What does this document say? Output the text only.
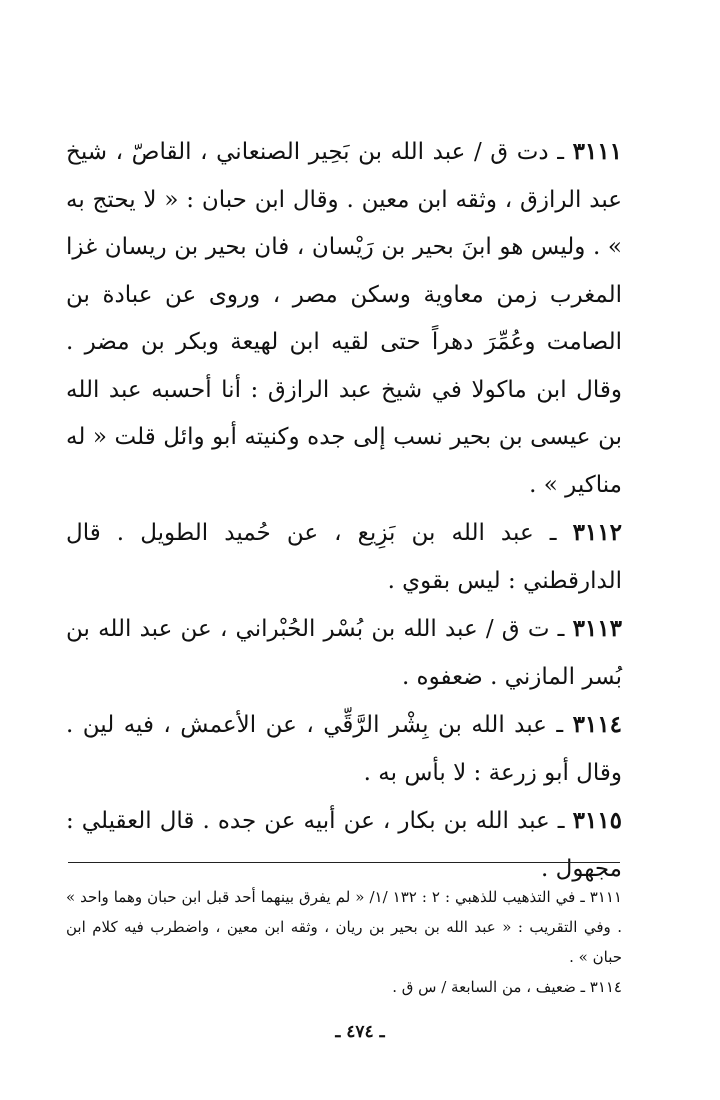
٣١١١ ـ دت ق / عبد الله بن بَحِير الصنعاني ، القاصّ ، شيخ عبد الرازق ، وثقه ابن معين . وقال ابن حبان : « لا يحتج به » . وليس هو ابنَ بحير بن رَيْسان ، فان بحير بن ريسان غزا المغرب زمن معاوية وسكن مصر ، وروى عن عبادة بن الصامت وعُمِّرَ دهراً حتى لقيه ابن لهيعة وبكر بن مضر . وقال ابن ماكولا في شيخ عبد الرازق : أنا أحسبه عبد الله بن عيسى بن بحير نسب إلى جده وكنيته أبو وائل قلت « له مناكير » .

٣١١٢ ـ عبد الله بن بَزِيع ، عن حُميد الطويل . قال الدارقطني : ليس بقوي .

٣١١٣ ـ ت ق / عبد الله بن بُسْر الحُبْراني ، عن عبد الله بن بُسر المازني . ضعفوه .

٣١١٤ ـ عبد الله بن بِشْر الرَّقِّي ، عن الأعمش ، فيه لين . وقال أبو زرعة : لا بأس به .

٣١١٥ ـ عبد الله بن بكار ، عن أبيه عن جده . قال العقيلي : مجهول .

٣١١١ ـ في التذهيب للذهبي : ٢ : ١٣٢ /١/ « لم يفرق بينهما أحد قبل ابن حبان وهما واحد » . وفي التقريب : « عبد الله بن بحير بن ريان ، وثقه ابن معين ، واضطرب فيه كلام ابن حبان » .

٣١١٤ ـ ضعيف ، من السابعة / س ق .

ـ ٤٧٤ ـ
